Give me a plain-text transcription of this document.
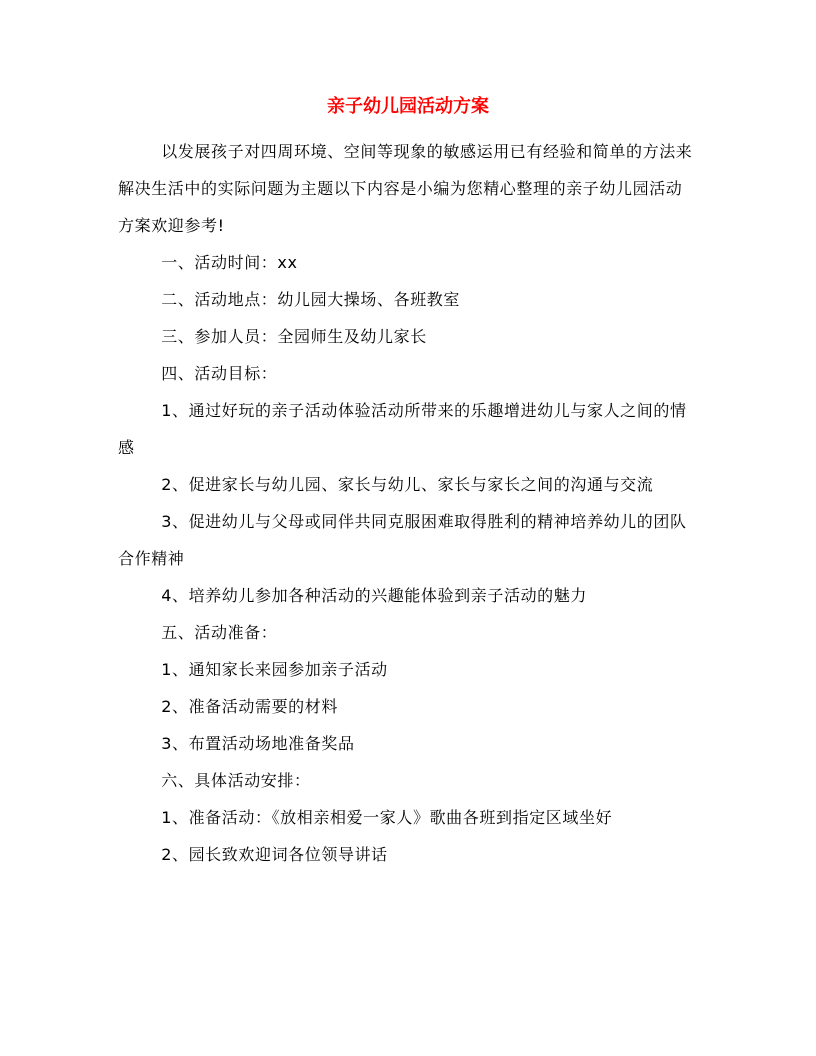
亲子幼儿园活动方案

以发展孩子对四周环境、空间等现象的敏感运用已有经验和简单的方法来解决生活中的实际问题为主题以下内容是小编为您精心整理的亲子幼儿园活动方案欢迎参考!

一、活动时间：xx

二、活动地点：幼儿园大操场、各班教室

三、参加人员：全园师生及幼儿家长

四、活动目标：

1、通过好玩的亲子活动体验活动所带来的乐趣增进幼儿与家人之间的情感

2、促进家长与幼儿园、家长与幼儿、家长与家长之间的沟通与交流

3、促进幼儿与父母或同伴共同克服困难取得胜利的精神培养幼儿的团队合作精神

4、培养幼儿参加各种活动的兴趣能体验到亲子活动的魅力

五、活动准备：

1、通知家长来园参加亲子活动

2、准备活动需要的材料

3、布置活动场地准备奖品

六、具体活动安排：

1、准备活动：《放相亲相爱一家人》歌曲各班到指定区域坐好

2、园长致欢迎词各位领导讲话
